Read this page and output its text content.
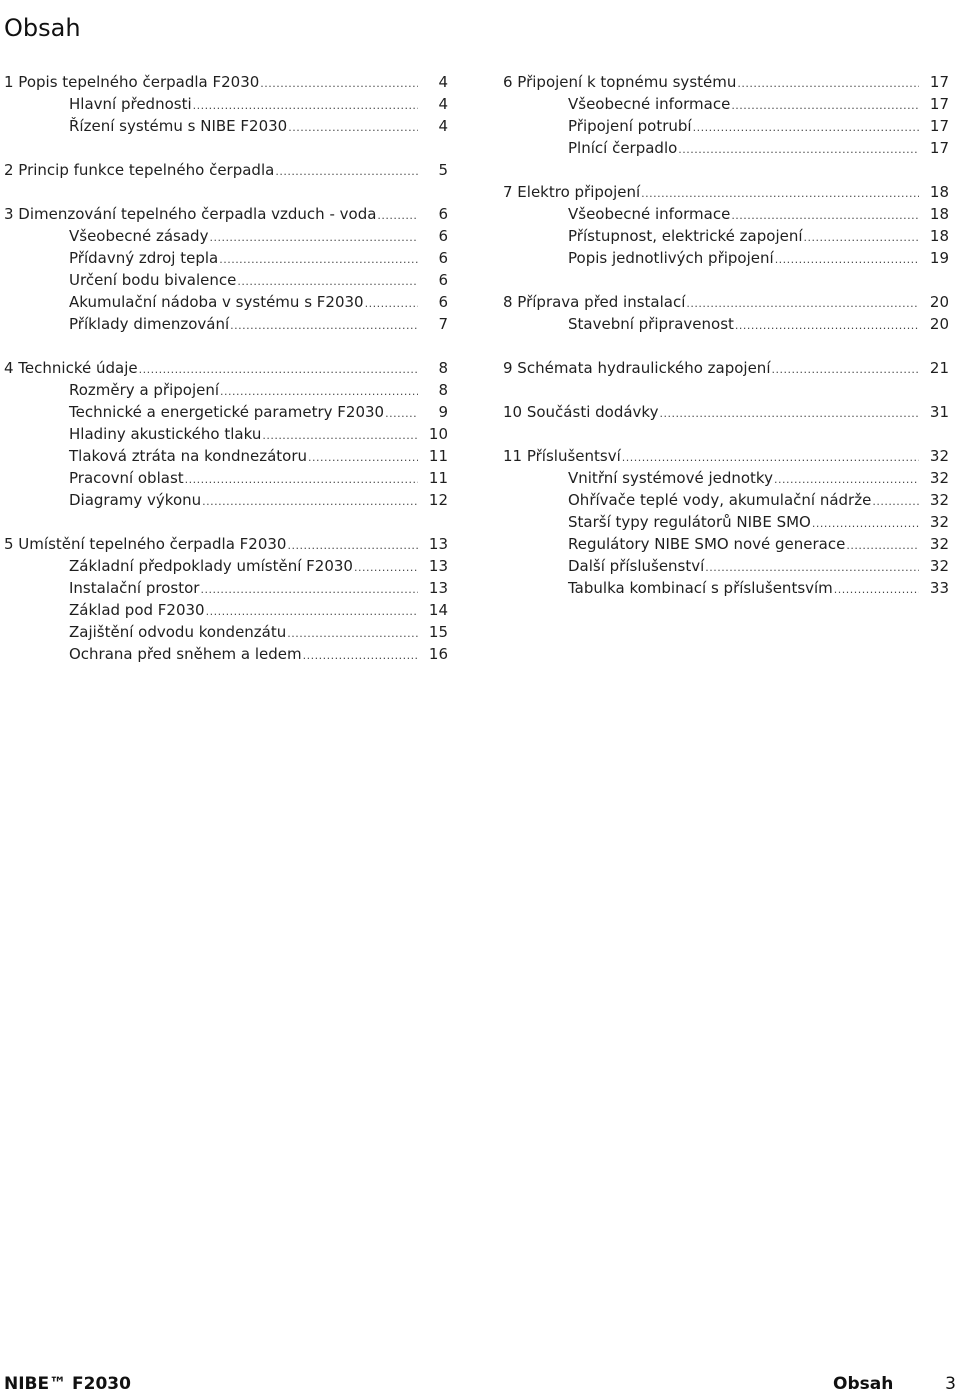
Obsah
1 Popis tepelného čerpadla F2030 .....	4
Hlavní přednosti .....	4
Řízení systému s NIBE F2030 .....	4
2 Princip funkce tepelného čerpadla .....	5
3 Dimenzování tepelného čerpadla vzduch - voda .....	6
Všeobecné zásady .....	6
Přídavný zdroj tepla .....	6
Určení bodu bivalence .....	6
Akumulační nádoba v systému s F2030 .....	6
Příklady dimenzování .....	7
4 Technické údaje .....	8
Rozměry a připojení .....	8
Technické a energetické parametry F2030 .....	9
Hladiny akustického tlaku .....	10
Tlaková ztráta na kondnezátoru .....	11
Pracovní oblast .....	11
Diagramy výkonu .....	12
5 Umístění tepelného čerpadla F2030 .....	13
Základní předpoklady umístění F2030 .....	13
Instalační prostor .....	13
Základ pod F2030 .....	14
Zajištění odvodu kondenzátu .....	15
Ochrana před sněhem a ledem .....	16
6 Připojení k topnému systému .....	17
Všeobecné informace .....	17
Připojení potrubí .....	17
Plnící čerpadlo .....	17
7 Elektro připojení .....	18
Všeobecné informace .....	18
Přístupnost, elektrické zapojení .....	18
Popis jednotlivých připojení .....	19
8 Příprava před instalací .....	20
Stavební připravenost .....	20
9 Schémata hydraulického zapojení .....	21
10 Součásti dodávky .....	31
11 Příslušentsví .....	32
Vnitřní systémové jednotky .....	32
Ohřívače teplé vody, akumulační nádrže .....	32
Starší typy regulátorů NIBE SMO .....	32
Regulátory NIBE SMO nové generace .....	32
Další příslušenství .....	32
Tabulka kombinací s příslušentsvím .....	33
NIBE™ F2030	Obsah	3
